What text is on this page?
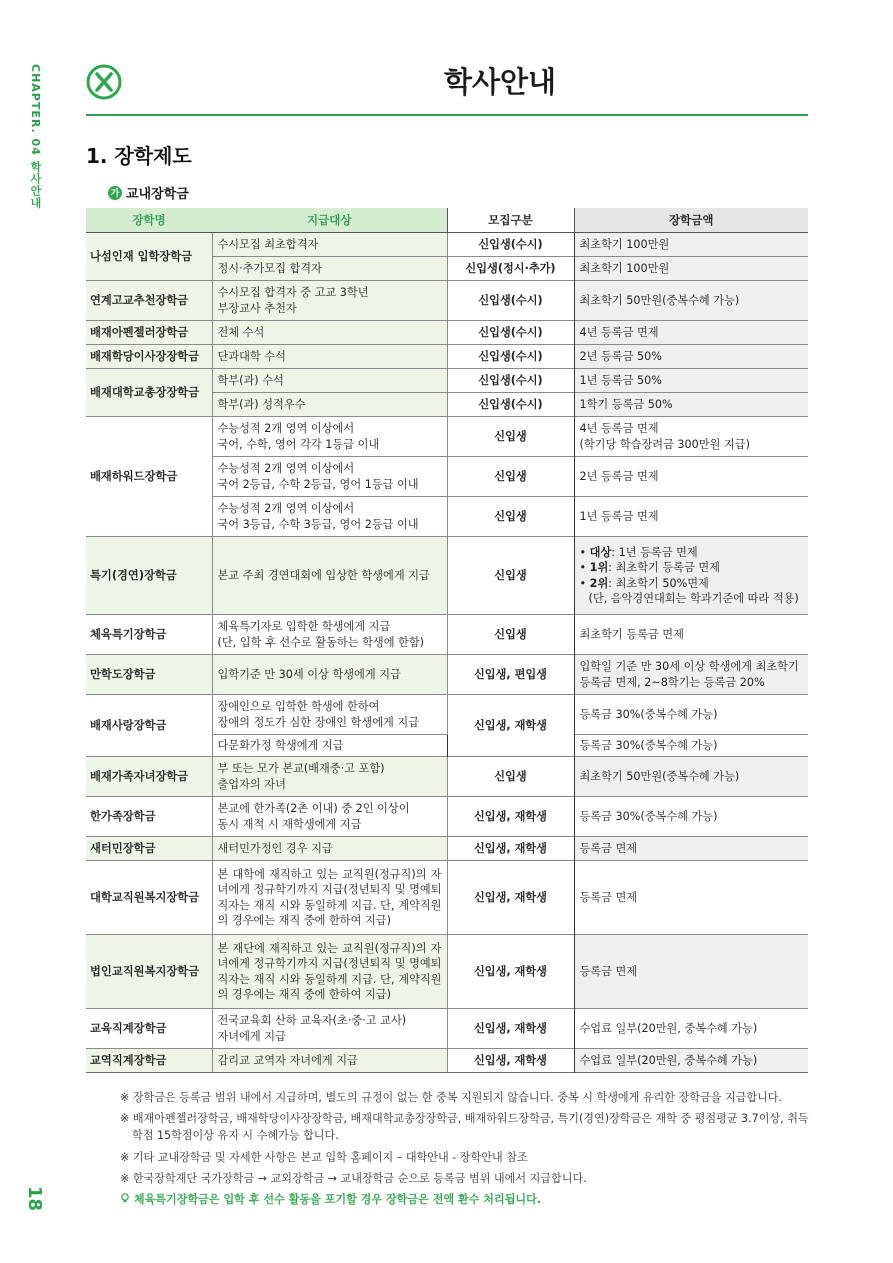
CHAPTER. 04 학사안내
18
학사안내
1. 장학제도
가 교내장학금
장학명	지급대상	모집구분	장학금액
나섬인재 입학장학금	수시모집 최초합격자	신입생(수시)	최초학기 100만원
	정시·추가모집 합격자	신입생(정시·추가)	최초학기 100만원
연계고교추천장학금	수시모집 합격자 중 고교 3학년
부장교사 추천자	신입생(수시)	최초학기 50만원(중복수혜 가능)
배재아펜젤러장학금	전체 수석	신입생(수시)	4년 등록금 면제
배재학당이사장장학금	단과대학 수석	신입생(수시)	2년 등록금 50%
배재대학교총장장학금	학부(과) 수석	신입생(수시)	1년 등록금 50%
	학부(과) 성적우수	신입생(수시)	1학기 등록금 50%
배재하워드장학금	수능성적 2개 영역 이상에서
국어, 수학, 영어 각각 1등급 이내	신입생	4년 등록금 면제
(학기당 학습장려금 300만원 지급)
	수능성적 2개 영역 이상에서
국어 2등급, 수학 2등급, 영어 1등급 이내	신입생	2년 등록금 면제
	수능성적 2개 영역 이상에서
국어 3등급, 수학 3등급, 영어 2등급 이내	신입생	1년 등록금 면제
특기(경연)장학금	본교 주최 경연대회에 입상한 학생에게 지급	신입생	• 대상: 1년 등록금 면제
• 1위: 최초학기 등록금 면제
• 2위: 최초학기 50%면제
(단, 음악경연대회는 학과기준에 따라 적용)

체육특기장학금	체육특기자로 입학한 학생에게 지급
(단, 입학 후 선수로 활동하는 학생에 한함)	신입생	최초학기 등록금 면제
만학도장학금	입학기준 만 30세 이상 학생에게 지급	신입생, 편입생	입학일 기준 만 30세 이상 학생에게 최초학기
등록금 면제, 2~8학기는 등록금 20%
배재사랑장학금	장애인으로 입학한 학생에 한하여
장애의 정도가 심한 장애인 학생에게 지급	신입생, 재학생	등록금 30%(중복수혜 가능)
	다문화가정 학생에게 지급		등록금 30%(중복수혜 가능)
배재가족자녀장학금	부 또는 모가 본교(배재중·고 포함)
출업자의 자녀	신입생	최초학기 50만원(중복수혜 가능)
한가족장학금	본교에 한가족(2촌 이내) 중 2인 이상이
동시 재적 시 재학생에게 지급	신입생, 재학생	등록금 30%(중복수혜 가능)
새터민장학금	새터민가정인 경우 지급	신입생, 재학생	등록금 면제
대학교직원복지장학금	본 대학에 재직하고 있는 교직원(정규직)의 자녀에게 정규학기까지 지급(정년퇴직 및 명예퇴직자는 재직 시와 동일하게 지급. 단, 계약직원의 경우에는 재직 중에 한하여 지급)	신입생, 재학생	등록금 면제
법인교직원복지장학금	본 재단에 재직하고 있는 교직원(정규직)의 자녀에게 정규학기까지 지급(정년퇴직 및 명예퇴직자는 재직 시와 동일하게 지급. 단, 계약직원의 경우에는 재직 중에 한하여 지급)	신입생, 재학생	등록금 면제
교육직계장학금	전국교육회 산하 교육자(초·중·고 교사)
자녀에게 지급	신입생, 재학생	수업료 일부(20만원, 중복수혜 가능)
교역직계장학금	감리교 교역자 자녀에게 지급	신입생, 재학생	수업료 일부(20만원, 중복수혜 가능)
※ 장학금은 등록금 범위 내에서 지급하며, 별도의 규정이 없는 한 중복 지원되지 않습니다. 중복 시 학생에게 유리한 장학금을 지급합니다.
※ 배재아펜젤러장학금, 배재학당이사장장학금, 배재대학교총장장학금, 배재하워드장학금, 특기(경연)장학금은 재학 중 평점평균 3.7이상, 취득학점 15학점이상 유지 시 수혜가능 합니다.
※ 기타 교내장학금 및 자세한 사항은 본교 입학 홈페이지 – 대학안내 - 장학안내 참조
※ 한국장학재단 국가장학금 → 교외장학금 → 교내장학금 순으로 등록금 범위 내에서 지급합니다.
체육특기장학금은 입학 후 선수 활동을 포기할 경우 장학금은 전액 환수 처리됩니다.
